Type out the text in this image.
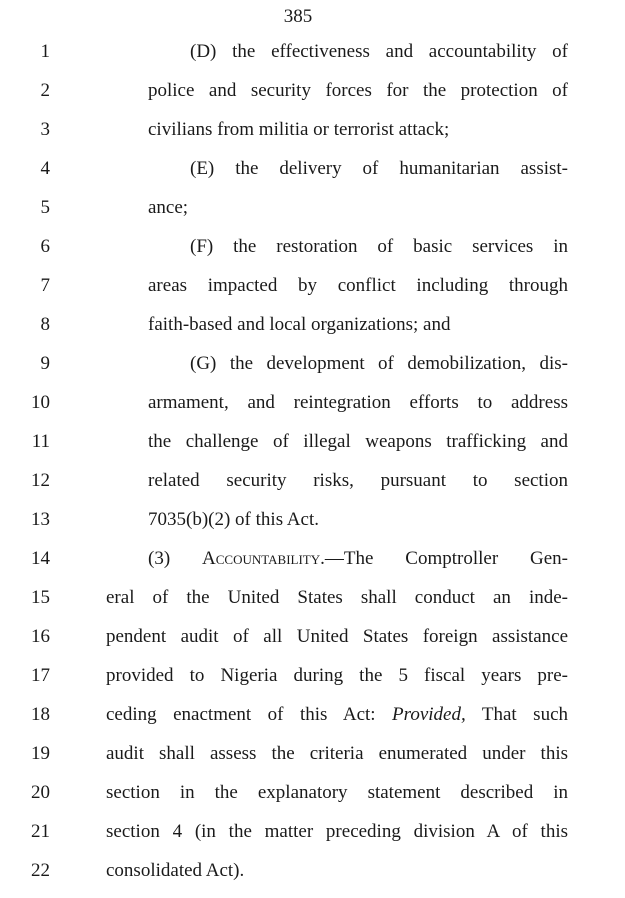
385
1	(D) the effectiveness and accountability of
2	police and security forces for the protection of
3	civilians from militia or terrorist attack;
4	(E) the delivery of humanitarian assist-
5	ance;
6	(F) the restoration of basic services in
7	areas impacted by conflict including through
8	faith-based and local organizations; and
9	(G) the development of demobilization, dis-
10	armament, and reintegration efforts to address
11	the challenge of illegal weapons trafficking and
12	related security risks, pursuant to section
13	7035(b)(2) of this Act.
14	(3) Accountability.—The Comptroller Gen-
15	eral of the United States shall conduct an inde-
16	pendent audit of all United States foreign assistance
17	provided to Nigeria during the 5 fiscal years pre-
18	ceding enactment of this Act: Provided, That such
19	audit shall assess the criteria enumerated under this
20	section in the explanatory statement described in
21	section 4 (in the matter preceding division A of this
22	consolidated Act).
